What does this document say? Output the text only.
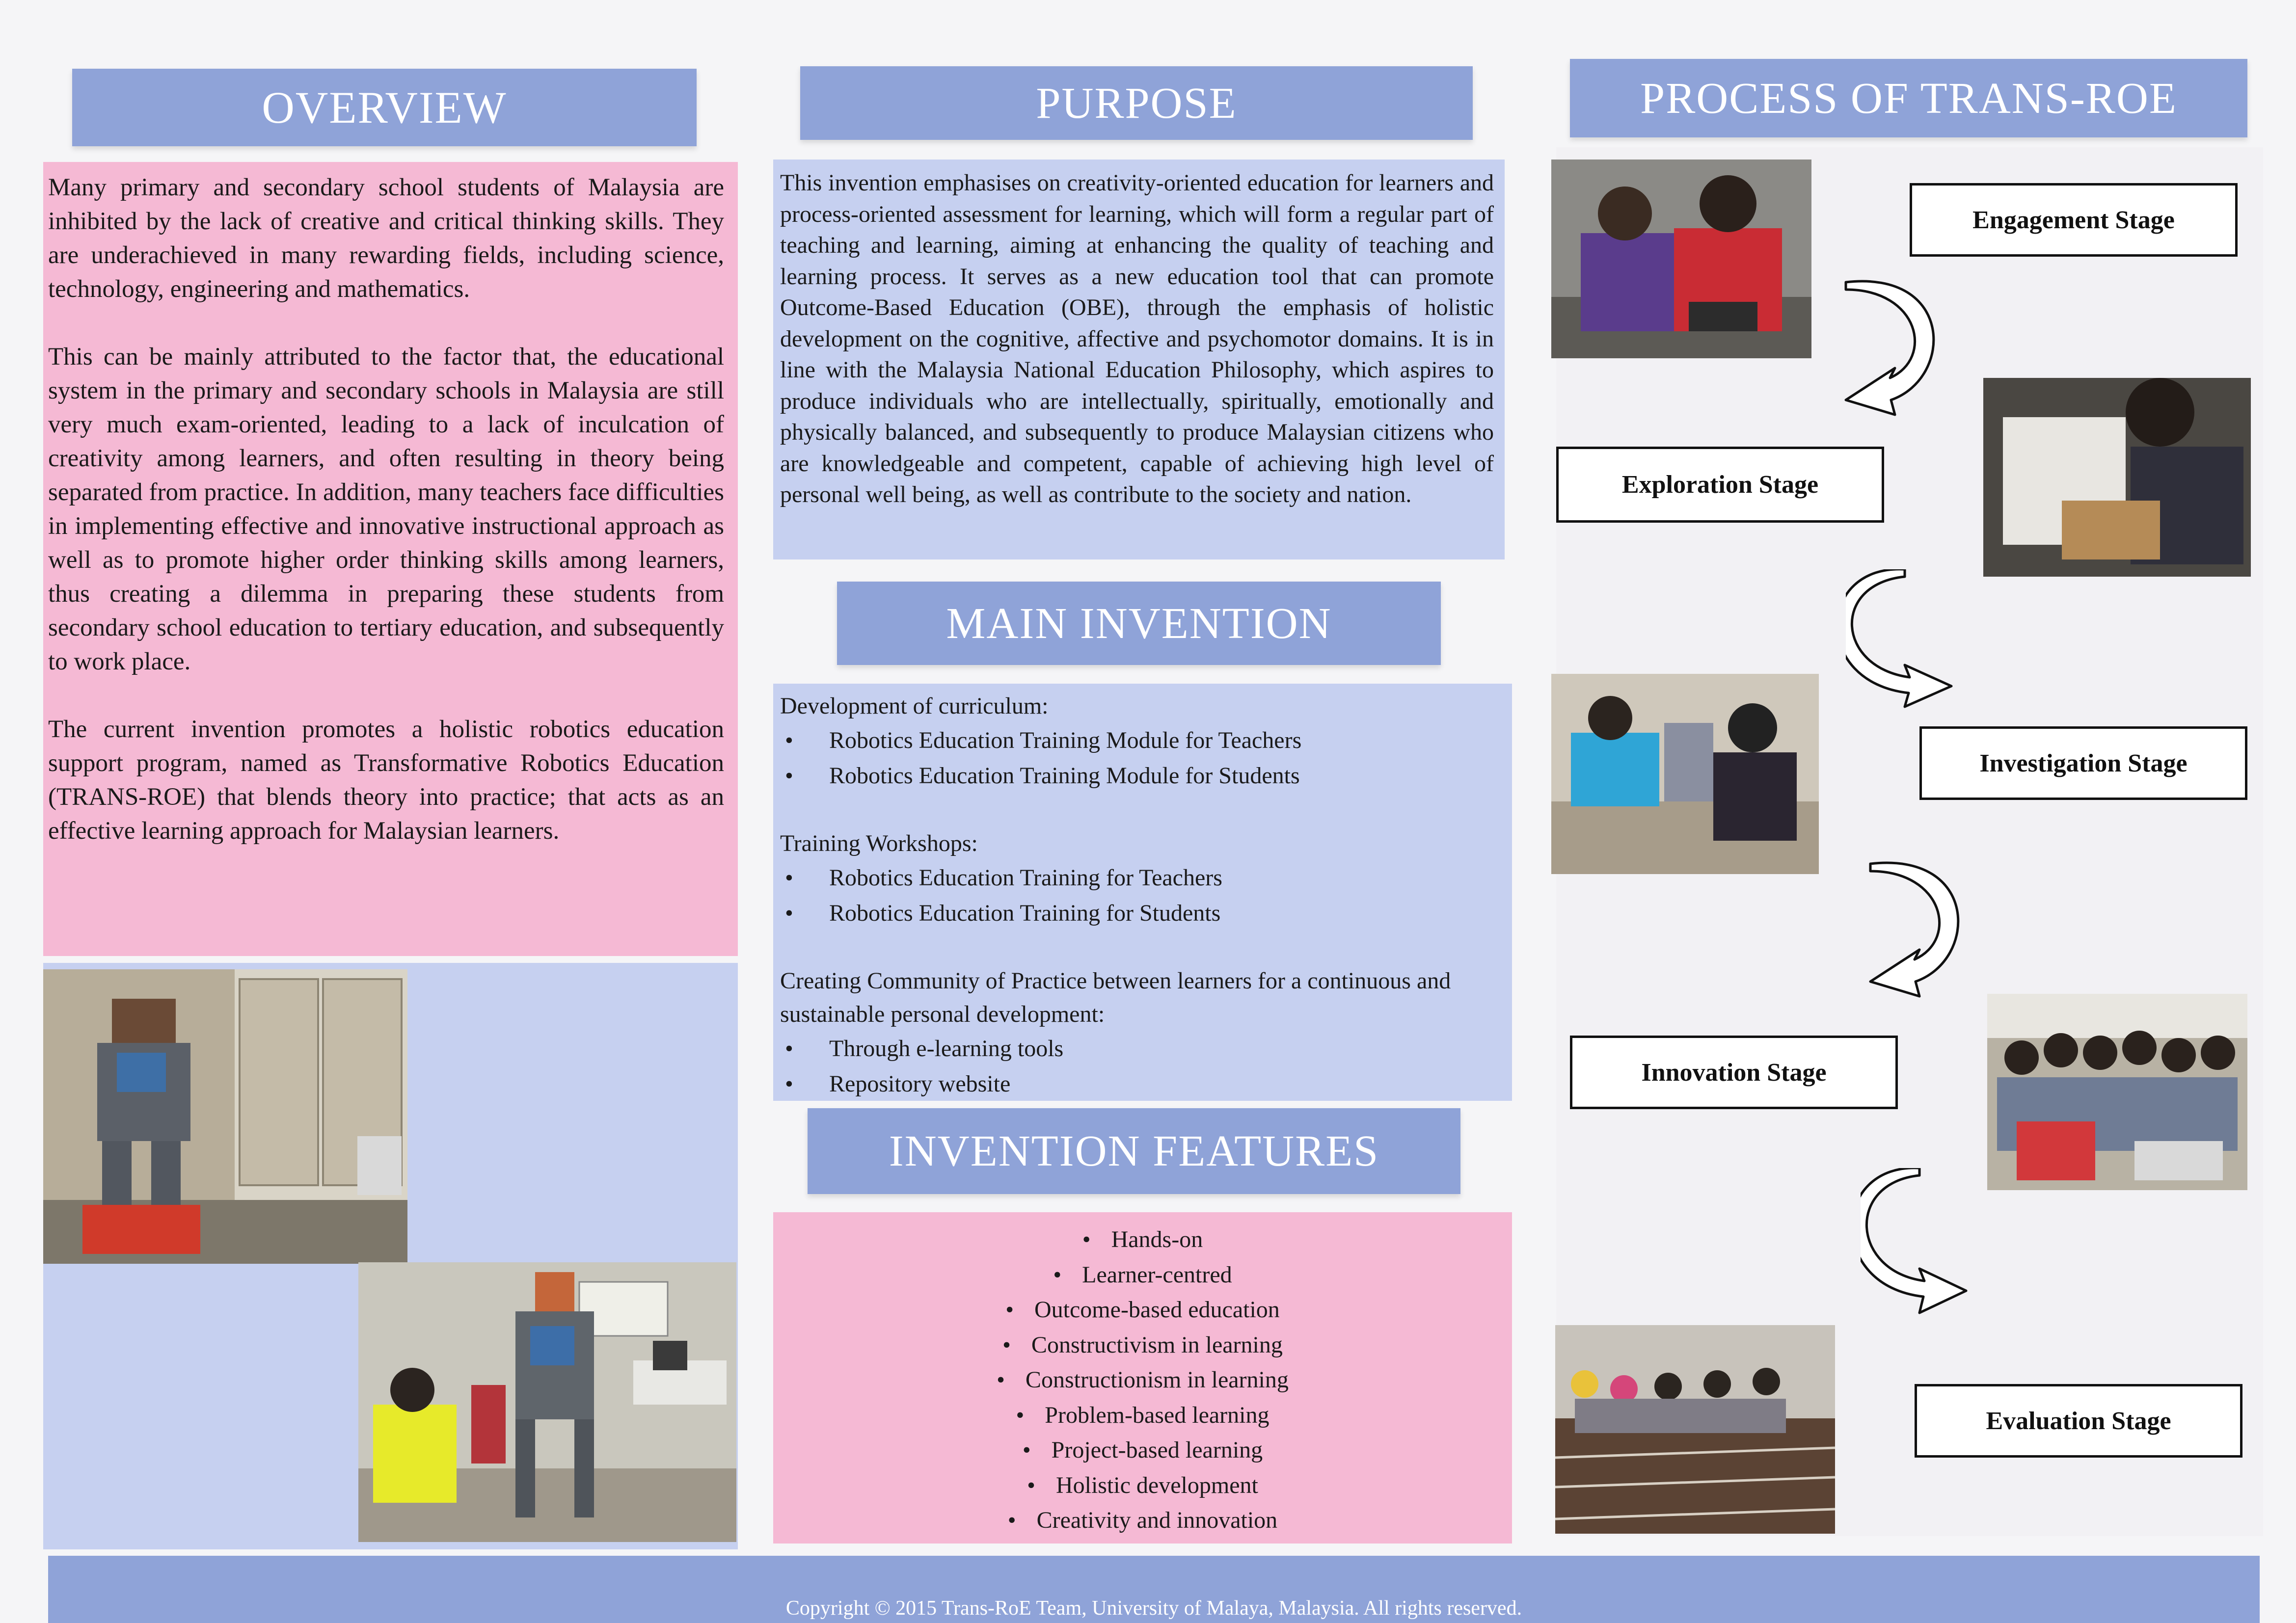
OVERVIEW

Many primary and secondary school students of Malaysia are inhibited by the lack of creative and critical thinking skills. They are underachieved in many rewarding fields, including science, technology, engineering and mathematics.

This can be mainly attributed to the factor that, the educational system in the primary and secondary schools in Malaysia are still very much exam-oriented, leading to a lack of inculcation of creativity among learners, and often resulting in theory being separated from practice. In addition, many teachers face difficulties in implementing effective and innovative instructional approach as well as to promote higher order thinking skills among learners, thus creating a dilemma in preparing these students from secondary school education to tertiary education, and subsequently to work place.

The current invention promotes a holistic robotics education support program, named as Transformative Robotics Education (TRANS-ROE) that blends theory into practice; that acts as an effective learning approach for Malaysian learners.

PURPOSE

This invention emphasises on creativity-oriented education for learners and process-oriented assessment for learning, which will form a regular part of teaching and learning, aiming at enhancing the quality of teaching and learning process. It serves as a new education tool that can promote Outcome-Based Education (OBE), through the emphasis of holistic development on the cognitive, affective and psychomotor domains. It is in line with the Malaysia National Education Philosophy, which aspires to produce individuals who are intellectually, spiritually, emotionally and physically balanced, and subsequently to produce Malaysian citizens who are knowledgeable and competent, capable of achieving high level of personal well being, as well as contribute to the society and nation.

MAIN INVENTION

Development of curriculum:

• Robotics Education Training Module for Teachers
• Robotics Education Training Module for Students

Training Workshops:

• Robotics Education Training for Teachers
• Robotics Education Training for Students

Creating Community of Practice between learners for a continuous and sustainable personal development:

• Through e-learning tools
• Repository website
INVENTION FEATURES
• Hands-on
• Learner-centred
• Outcome-based education
• Constructivism in learning
• Constructionism in learning
• Problem-based learning
• Project-based learning
• Holistic development
• Creativity and innovation
PROCESS OF TRANS-ROE
Engagement Stage
Exploration Stage
Investigation Stage
Innovation Stage
Evaluation Stage
Copyright © 2015 Trans-RoE Team, University of Malaya, Malaysia. All rights reserved.
